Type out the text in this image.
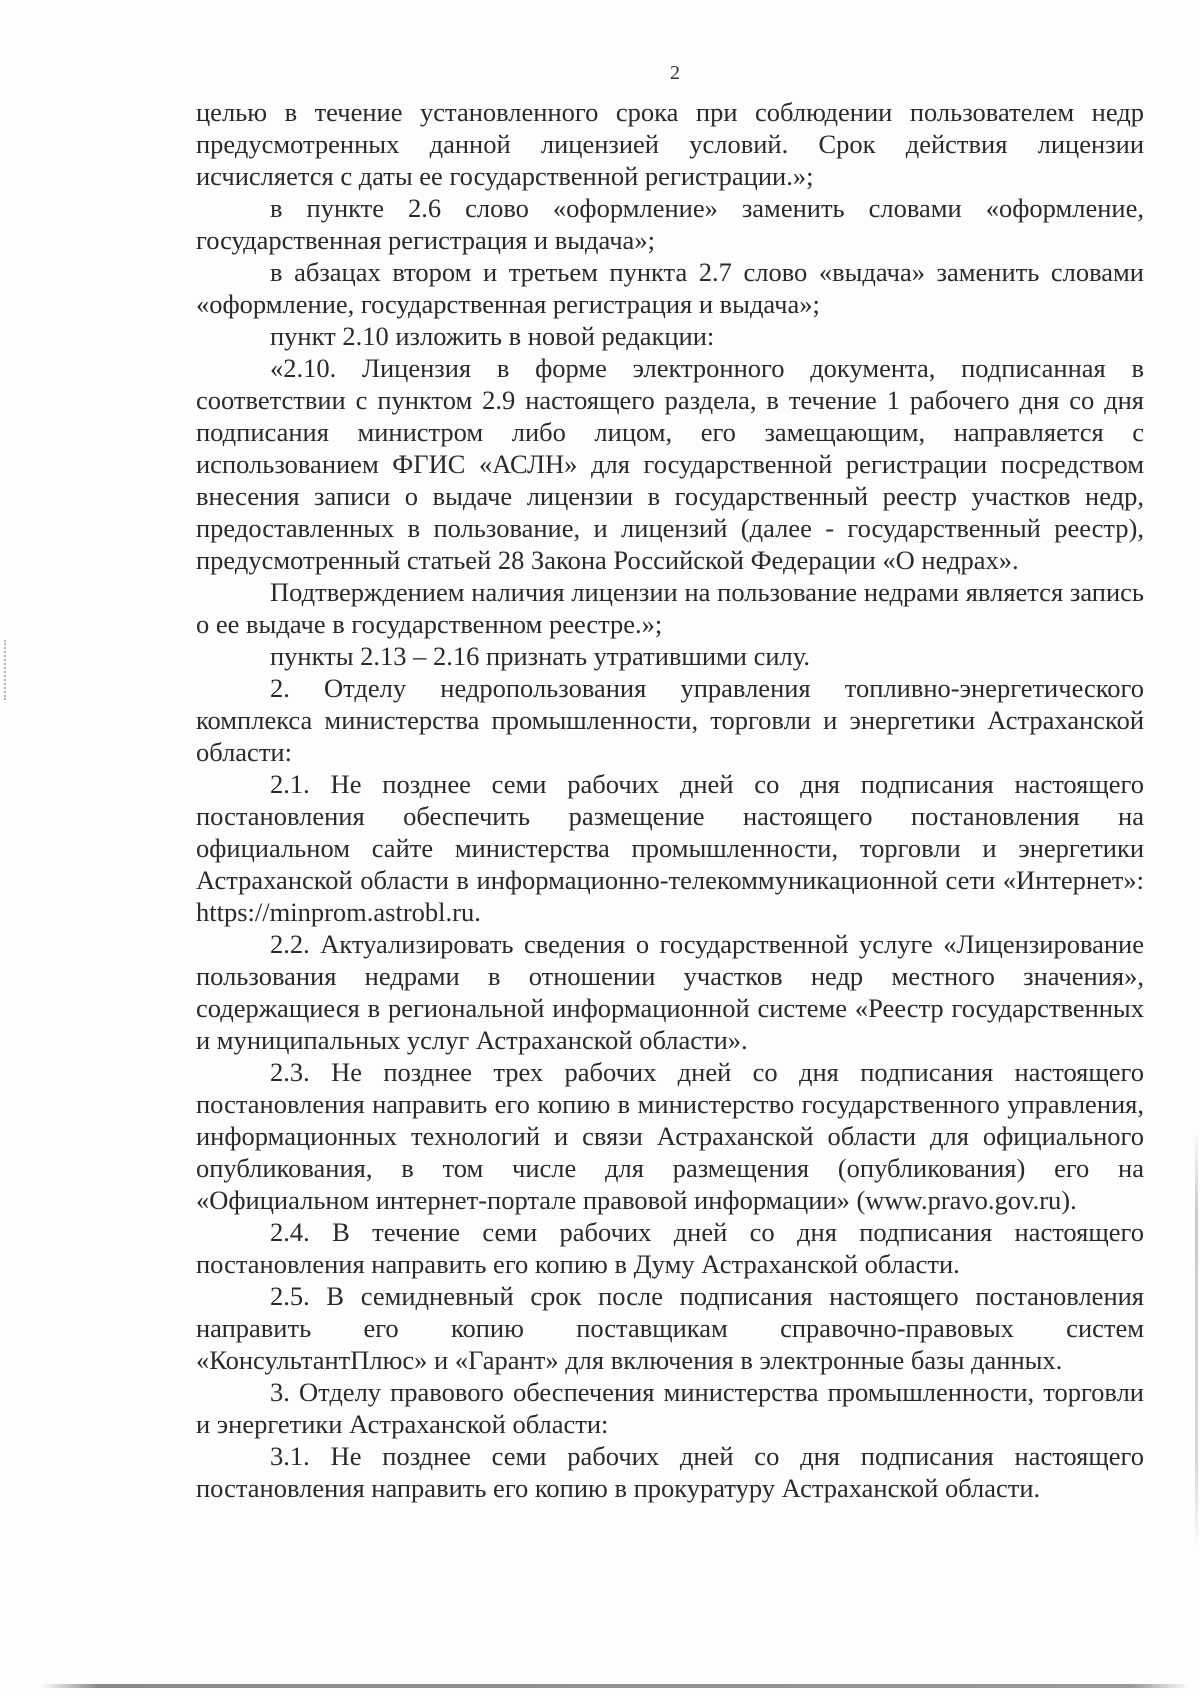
2

целью в течение установленного срока при соблюдении пользователем недр предусмотренных данной лицензией условий. Срок действия лицензии исчисляется с даты ее государственной регистрации.»;

в пункте 2.6 слово «оформление» заменить словами «оформление, государственная регистрация и выдача»;

в абзацах втором и третьем пункта 2.7 слово «выдача» заменить словами «оформление, государственная регистрация и выдача»;

пункт 2.10 изложить в новой редакции:

«2.10. Лицензия в форме электронного документа, подписанная в соответствии с пунктом 2.9 настоящего раздела, в течение 1 рабочего дня со дня подписания министром либо лицом, его замещающим, направляется с использованием ФГИС «АСЛН» для государственной регистрации посредством внесения записи о выдаче лицензии в государственный реестр участков недр, предоставленных в пользование, и лицензий (далее - государственный реестр), предусмотренный статьей 28 Закона Российской Федерации «О недрах».

Подтверждением наличия лицензии на пользование недрами является запись о ее выдаче в государственном реестре.»;

пункты 2.13 – 2.16 признать утратившими силу.

2. Отделу недропользования управления топливно-энергетического комплекса министерства промышленности, торговли и энергетики Астраханской области:

2.1. Не позднее семи рабочих дней со дня подписания настоящего постановления обеспечить размещение настоящего постановления на официальном сайте министерства промышленности, торговли и энергетики Астраханской области в информационно-телекоммуникационной сети «Интернет»: https://minprom.astrobl.ru.

2.2. Актуализировать сведения о государственной услуге «Лицензирование пользования недрами в отношении участков недр местного значения», содержащиеся в региональной информационной системе «Реестр государственных и муниципальных услуг Астраханской области».

2.3. Не позднее трех рабочих дней со дня подписания настоящего постановления направить его копию в министерство государственного управления, информационных технологий и связи Астраханской области для официального опубликования, в том числе для размещения (опубликования) его на «Официальном интернет-портале правовой информации» (www.pravo.gov.ru).

2.4. В течение семи рабочих дней со дня подписания настоящего постановления направить его копию в Думу Астраханской области.

2.5. В семидневный срок после подписания настоящего постановления направить его копию поставщикам справочно-правовых систем «КонсультантПлюс» и «Гарант» для включения в электронные базы данных.

3. Отделу правового обеспечения министерства промышленности, торговли и энергетики Астраханской области:

3.1. Не позднее семи рабочих дней со дня подписания настоящего постановления направить его копию в прокуратуру Астраханской области.
